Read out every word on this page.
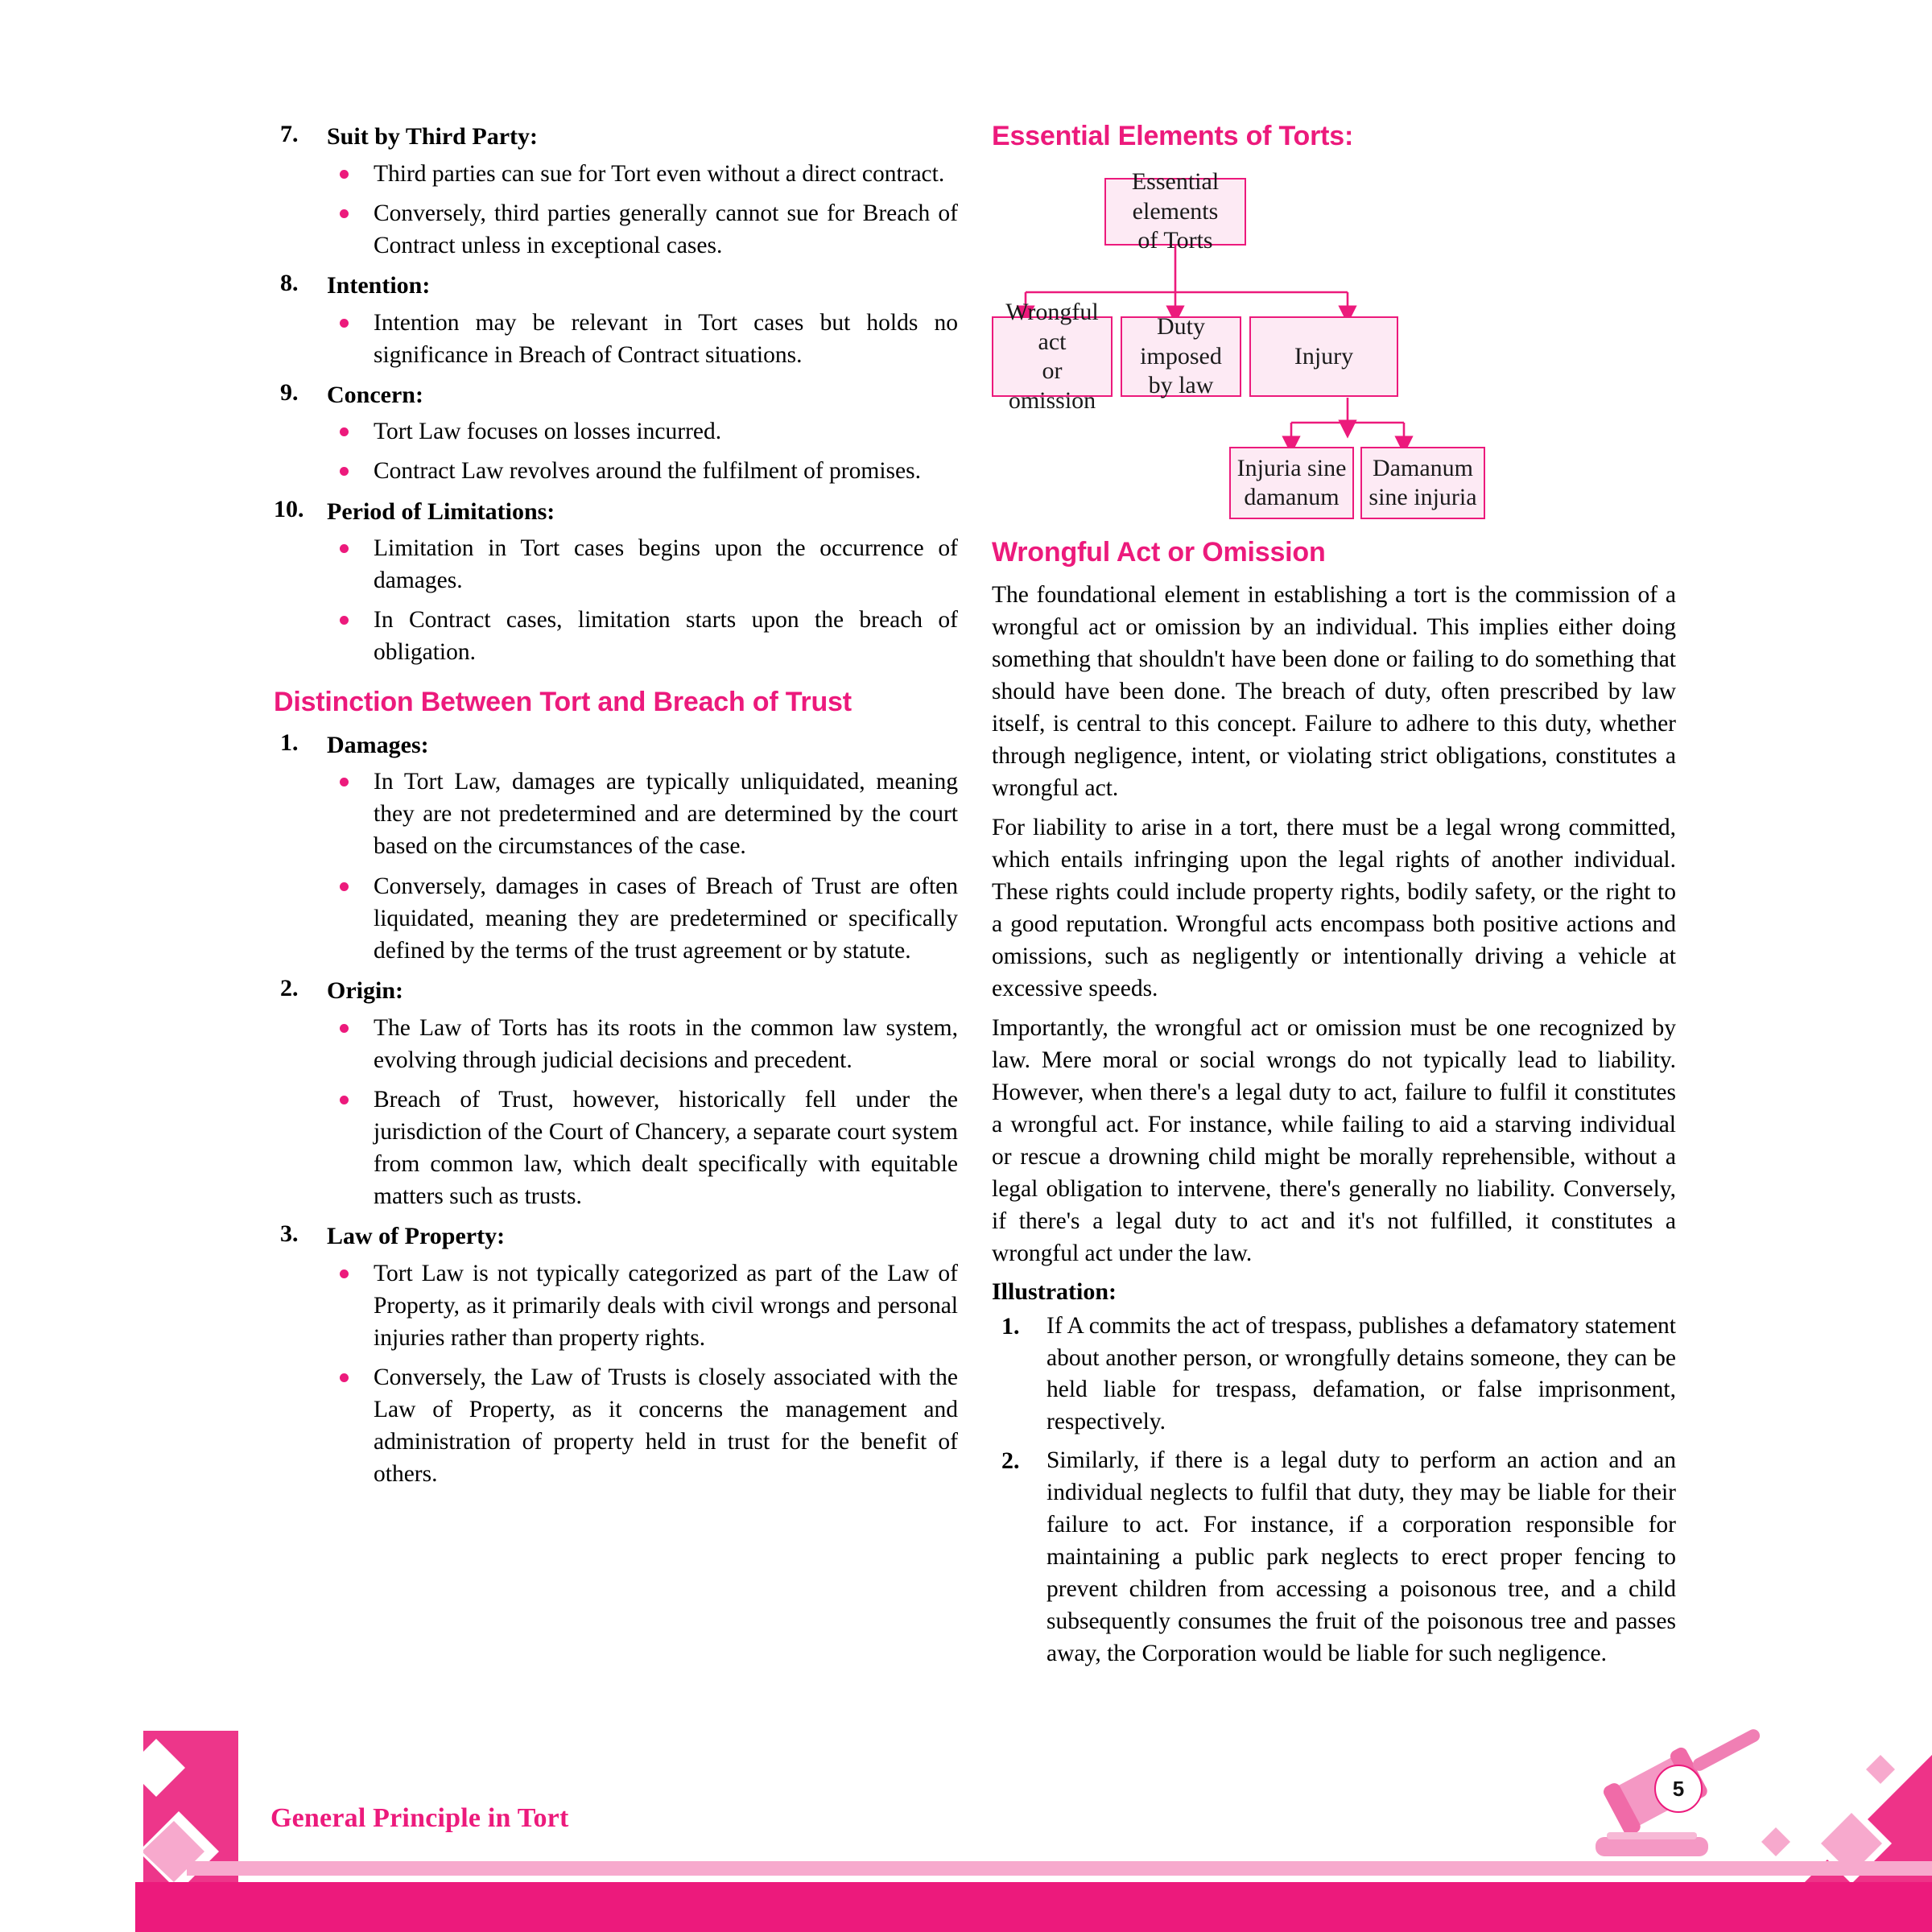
7.	Suit by Third Party:

Third parties can sue for Tort even without a direct contract.
Conversely, third parties generally cannot sue for Breach of Contract unless in exceptional cases.
8.	Intention:

Intention may be relevant in Tort cases but holds no significance in Breach of Contract situations.
9.	Concern:

Tort Law focuses on losses incurred.
Contract Law revolves around the fulfilment of promises.
10. Period of Limitations:

Limitation in Tort cases begins upon the occurrence of damages.
In Contract cases, limitation starts upon the breach of obligation.
Distinction Between Tort and Breach of Trust
1.	Damages:

In Tort Law, damages are typically unliquidated, meaning they are not predetermined and are determined by the court based on the circumstances of the case.
Conversely, damages in cases of Breach of Trust are often liquidated, meaning they are predetermined or specifically defined by the terms of the trust agreement or by statute.
2.	Origin:

The Law of Torts has its roots in the common law system, evolving through judicial decisions and precedent.
Breach of Trust, however, historically fell under the jurisdiction of the Court of Chancery, a separate court system from common law, which dealt specifically with equitable matters such as trusts.
3.	Law of Property:

Tort Law is not typically categorized as part of the Law of Property, as it primarily deals with civil wrongs and personal injuries rather than property rights.
Conversely, the Law of Trusts is closely associated with the Law of Property, as it concerns the management and administration of property held in trust for the benefit of others.
Essential Elements of Torts:
Essential elements
of Torts
Wrongful act
or omission
Duty imposed
by law
Injury
Injuria sine
damanum
Damanum
sine injuria
Wrongful Act or Omission

The foundational element in establishing a tort is the commission of a wrongful act or omission by an individual. This implies either doing something that shouldn't have been done or failing to do something that should have been done. The breach of duty, often prescribed by law itself, is central to this concept. Failure to adhere to this duty, whether through negligence, intent, or violating strict obligations, constitutes a wrongful act.

For liability to arise in a tort, there must be a legal wrong committed, which entails infringing upon the legal rights of another individual. These rights could include property rights, bodily safety, or the right to a good reputation. Wrongful acts encompass both positive actions and omissions, such as negligently or intentionally driving a vehicle at excessive speeds.

Importantly, the wrongful act or omission must be one recognized by law. Mere moral or social wrongs do not typically lead to liability. However, when there's a legal duty to act, failure to fulfil it constitutes a wrongful act. For instance, while failing to aid a starving individual or rescue a drowning child might be morally reprehensible, without a legal obligation to intervene, there's generally no liability. Conversely, if there's a legal duty to act and it's not fulfilled, it constitutes a wrongful act under the law.

Illustration:

1. If A commits the act of trespass, publishes a defamatory statement about another person, or wrongfully detains someone, they can be held liable for trespass, defamation, or false imprisonment, respectively.
2. Similarly, if there is a legal duty to perform an action and an individual neglects to fulfil that duty, they may be liable for their failure to act. For instance, if a corporation responsible for maintaining a public park neglects to erect proper fencing to prevent children from accessing a poisonous tree, and a child subsequently consumes the fruit of the poisonous tree and passes away, the Corporation would be liable for such negligence.
General Principle in Tort
5
